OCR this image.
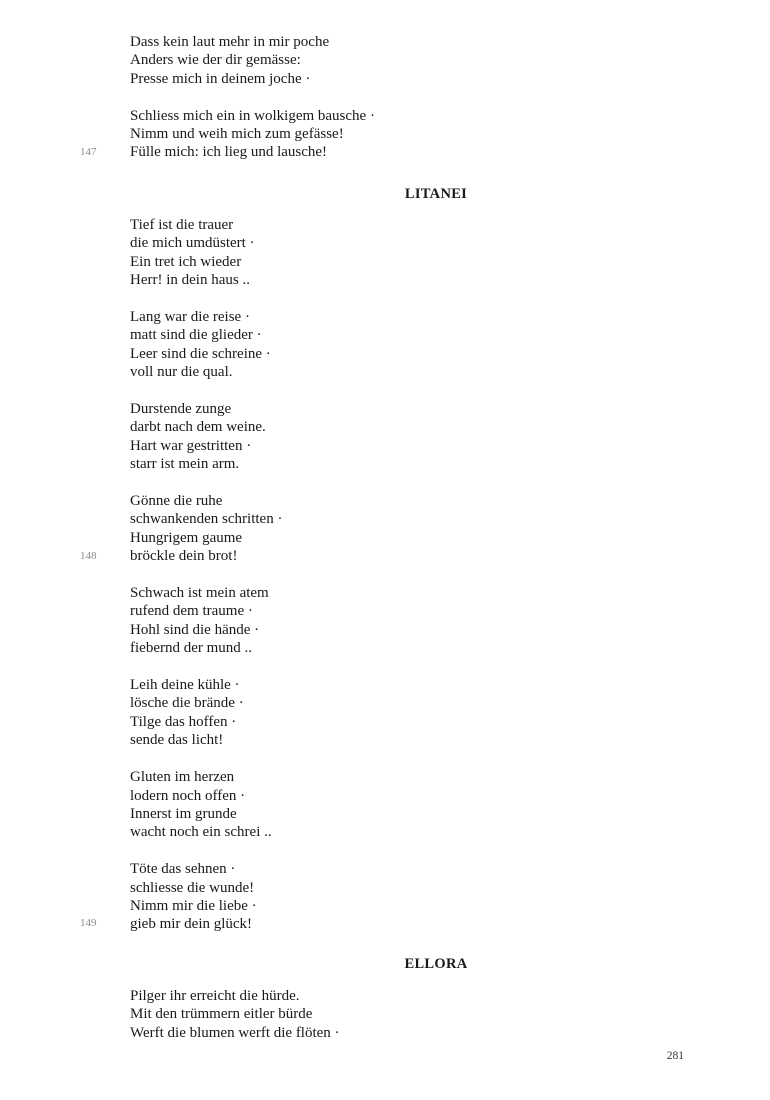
Dass kein laut mehr in mir poche
Anders wie der dir gemässe:
Presse mich in deinem joche ·
Schliess mich ein in wolkigem bausche ·
Nimm und weih mich zum gefässe!
Fülle mich: ich lieg und lausche!
147
LITANEI
Tief ist die trauer
die mich umdüstert ·
Ein tret ich wieder
Herr! in dein haus ..
Lang war die reise ·
matt sind die glieder ·
Leer sind die schreine ·
voll nur die qual.
Durstende zunge
darbt nach dem weine.
Hart war gestritten ·
starr ist mein arm.
Gönne die ruhe
schwankenden schritten ·
Hungrigem gaume
bröckle dein brot!
Schwach ist mein atem
rufend dem traume ·
Hohl sind die hände ·
fiebernd der mund ..
Leih deine kühle ·
lösche die brände ·
Tilge das hoffen ·
sende das licht!
Gluten im herzen
lodern noch offen ·
Innerst im grunde
wacht noch ein schrei ..
Töte das sehnen ·
schliesse die wunde!
Nimm mir die liebe ·
gieb mir dein glück!
148
149
ELLORA
Pilger ihr erreicht die hürde.
Mit den trümmern eitler bürde
Werft die blumen werft die flöten ·
281
